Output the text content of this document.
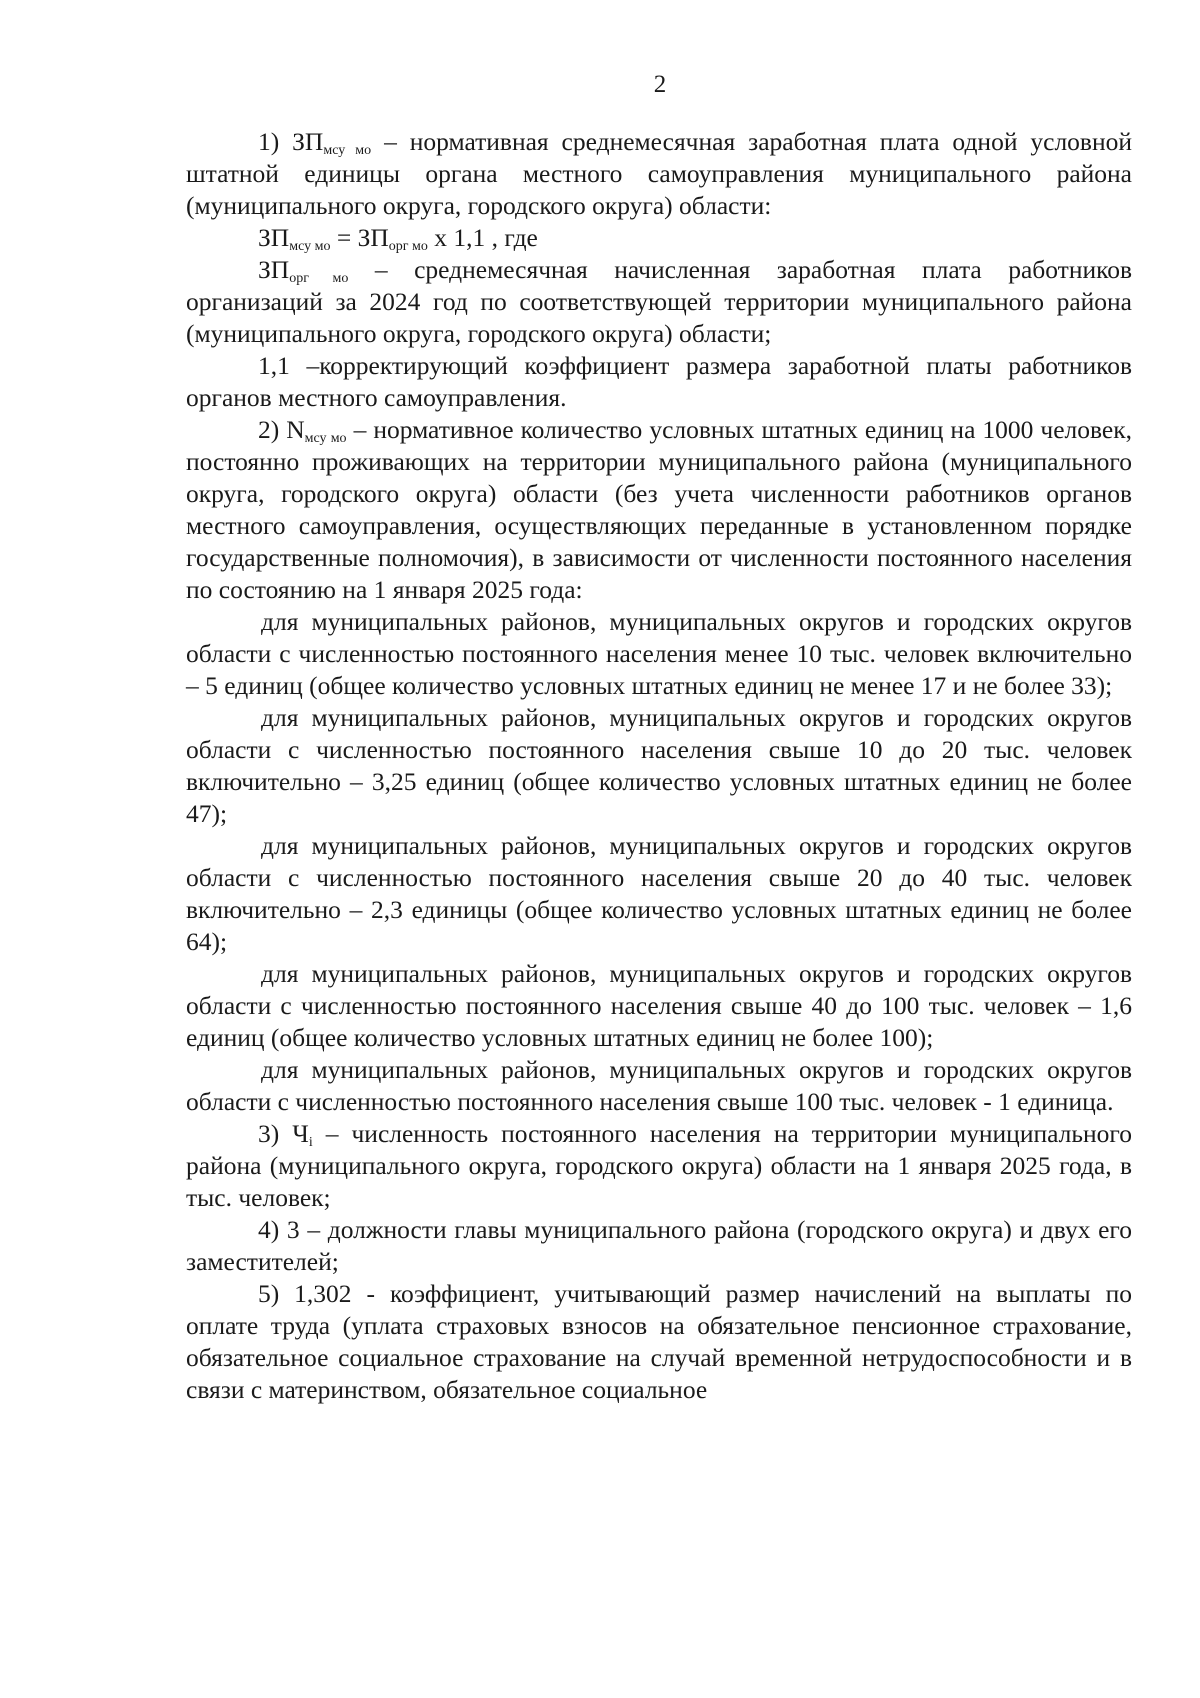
2

1) $ЗП_{мсу мо}$ – нормативная среднемесячная заработная плата одной условной штатной единицы органа местного самоуправления муниципального района (муниципального округа, городского округа) области:

$ЗП_{мсу мо} = ЗП_{орг мо}$ x 1,1 , где

$ЗП_{орг мо}$ – среднемесячная начисленная заработная плата работников организаций за 2024 год по соответствующей территории муниципального района (муниципального округа, городского округа) области;

1,1 –корректирующий коэффициент размера заработной платы работников органов местного самоуправления.

2) $N_{мсу мо}$ – нормативное количество условных штатных единиц на 1000 человек, постоянно проживающих на территории муниципального района (муниципального округа, городского округа) области (без учета численности работников органов местного самоуправления, осуществляющих переданные в установленном порядке государственные полномочия), в зависимости от численности постоянного населения по состоянию на 1 января 2025 года:

для муниципальных районов, муниципальных округов и городских округов области с численностью постоянного населения менее 10 тыс. человек включительно – 5 единиц (общее количество условных штатных единиц не менее 17 и не более 33);

для муниципальных районов, муниципальных округов и городских округов области с численностью постоянного населения свыше 10 до 20 тыс. человек включительно – 3,25 единиц (общее количество условных штатных единиц не более 47);

для муниципальных районов, муниципальных округов и городских округов области с численностью постоянного населения свыше 20 до 40 тыс. человек включительно – 2,3 единицы (общее количество условных штатных единиц не более 64);

для муниципальных районов, муниципальных округов и городских округов области с численностью постоянного населения свыше 40 до 100 тыс. человек – 1,6 единиц (общее количество условных штатных единиц не более 100);

для муниципальных районов, муниципальных округов и городских округов области с численностью постоянного населения свыше 100 тыс. человек - 1 единица.

3) $Ч_i$ – численность постоянного населения на территории муниципального района (муниципального округа, городского округа) области на 1 января 2025 года, в тыс. человек;

4) 3 – должности главы муниципального района (городского округа) и двух его заместителей;

5) 1,302 - коэффициент, учитывающий размер начислений на выплаты по оплате труда (уплата страховых взносов на обязательное пенсионное страхование, обязательное социальное страхование на случай временной нетрудоспособности и в связи с материнством, обязательное социальное
